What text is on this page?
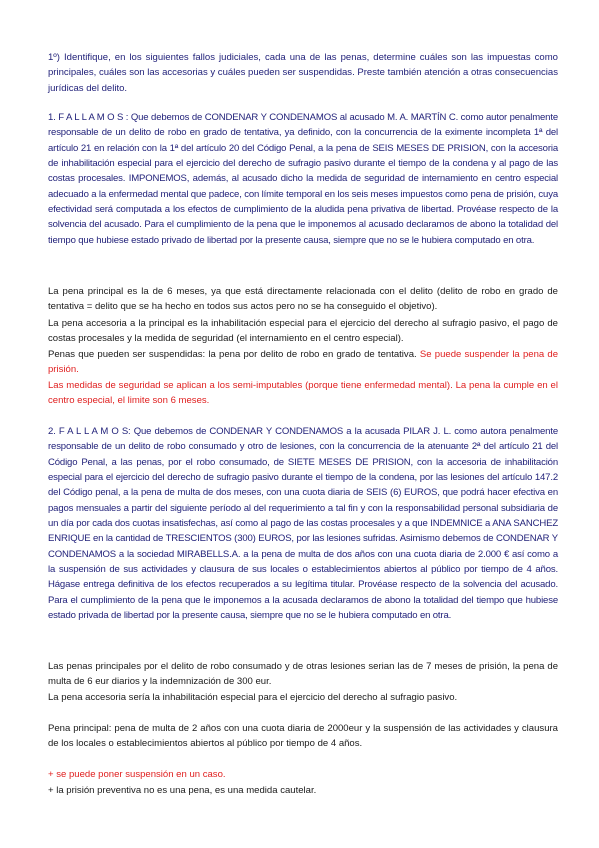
1º) Identifique, en los siguientes fallos judiciales, cada una de las penas, determine cuáles son las impuestas como principales, cuáles son las accesorias y cuáles pueden ser suspendidas. Preste también atención a otras consecuencias jurídicas del delito.

1. F A L L A M O S : Que debemos de CONDENAR Y CONDENAMOS al acusado M. A. MARTÍN C. como autor penalmente responsable de un delito de robo en grado de tentativa, ya definido, con la concurrencia de la eximente incompleta 1ª del artículo 21 en relación con la 1ª del artículo 20 del Código Penal, a la pena de SEIS MESES DE PRISION, con la accesoria de inhabilitación especial para el ejercicio del derecho de sufragio pasivo durante el tiempo de la condena y al pago de las costas procesales. IMPONEMOS, además, al acusado dicho la medida de seguridad de internamiento en centro especial adecuado a la enfermedad mental que padece, con límite temporal en los seis meses impuestos como pena de prisión, cuya efectividad será computada a los efectos de cumplimiento de la aludida pena privativa de libertad. Provéase respecto de la solvencia del acusado. Para el cumplimiento de la pena que le imponemos al acusado declaramos de abono la totalidad del tiempo que hubiese estado privado de libertad por la presente causa, siempre que no se le hubiera computado en otra.

La pena principal es la de 6 meses, ya que está directamente relacionada con el delito (delito de robo en grado de tentativa = delito que se ha hecho en todos sus actos pero no se ha conseguido el objetivo).

La pena accesoria a la principal es la inhabilitación especial para el ejercicio del derecho al sufragio pasivo, el pago de costas procesales y la medida de seguridad (el internamiento en el centro especial).

Penas que pueden ser suspendidas: la pena por delito de robo en grado de tentativa. Se puede suspender la pena de prisión.

Las medidas de seguridad se aplican a los semi-imputables (porque tiene enfermedad mental). La pena la cumple en el centro especial, el limite son 6 meses.

2. F A L L A M O S: Que debemos de CONDENAR Y CONDENAMOS a la acusada PILAR J. L. como autora penalmente responsable de un delito de robo consumado y otro de lesiones, con la concurrencia de la atenuante 2ª del artículo 21 del Código Penal, a las penas, por el robo consumado, de SIETE MESES DE PRISION, con la accesoria de inhabilitación especial para el ejercicio del derecho de sufragio pasivo durante el tiempo de la condena, por las lesiones del artículo 147.2 del Código penal, a la pena de multa de dos meses, con una cuota diaria de SEIS (6) EUROS, que podrá hacer efectiva en pagos mensuales a partir del siguiente período al del requerimiento a tal fin y con la responsabilidad personal subsidiaria de un día por cada dos cuotas insatisfechas, así como al pago de las costas procesales y a que INDEMNICE a ANA SANCHEZ ENRIQUE en la cantidad de TRESCIENTOS (300) EUROS, por las lesiones sufridas. Asimismo debemos de CONDENAR Y CONDENAMOS a la sociedad MIRABELLS.A. a la pena de multa de dos años con una cuota diaria de 2.000 € así como a la suspensión de sus actividades y clausura de sus locales o establecimientos abiertos al público por tiempo de 4 años. Hágase entrega definitiva de los efectos recuperados a su legítima titular. Provéase respecto de la solvencia del acusado. Para el cumplimiento de la pena que le imponemos a la acusada declaramos de abono la totalidad del tiempo que hubiese estado privada de libertad por la presente causa, siempre que no se le hubiera computado en otra.

Las penas principales por el delito de robo consumado y de otras lesiones serian las de 7 meses de prisión, la pena de multa de 6 eur diarios y la indemnización de 300 eur.

La pena accesoria sería la inhabilitación especial para el ejercicio del derecho al sufragio pasivo.

Pena principal: pena de multa de 2 años con una cuota diaria de 2000eur y la suspensión de las actividades y clausura de los locales o establecimientos abiertos al público por tiempo de 4 años.

+ se puede poner suspensión en un caso.

+ la prisión preventiva no es una pena, es una medida cautelar.
